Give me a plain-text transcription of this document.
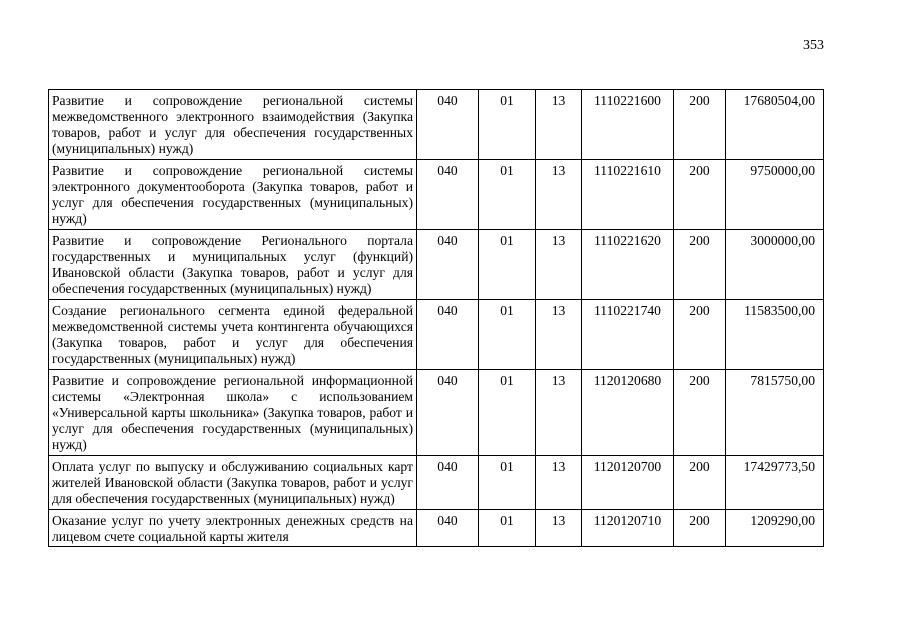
353
Развитие и сопровождение региональной системы межведомственного электронного взаимодействия (Закупка товаров, работ и услуг для обеспечения государственных (муниципальных) нужд)	040	01	13	1110221600	200	17680504,00
Развитие и сопровождение региональной системы электронного документооборота (Закупка товаров, работ и услуг для обеспечения государственных (муниципальных) нужд)	040	01	13	1110221610	200	9750000,00
Развитие и сопровождение Регионального портала государственных и муниципальных услуг (функций) Ивановской области (Закупка товаров, работ и услуг для обеспечения государственных (муниципальных) нужд)	040	01	13	1110221620	200	3000000,00
Создание регионального сегмента единой федеральной межведомственной системы учета контингента обучающихся (Закупка товаров, работ и услуг для обеспечения государственных (муниципальных) нужд)	040	01	13	1110221740	200	11583500,00
Развитие и сопровождение региональной информационной системы «Электронная школа» с использованием «Универсальной карты школьника» (Закупка товаров, работ и услуг для обеспечения государственных (муниципальных) нужд)	040	01	13	1120120680	200	7815750,00
Оплата услуг по выпуску и обслуживанию социальных карт жителей Ивановской области (Закупка товаров, работ и услуг для обеспечения государственных (муниципальных) нужд)	040	01	13	1120120700	200	17429773,50

Оказание услуг по учету электронных денежных средств на лицевом счете социальной карты жителя	040	01	13	1120120710	200	1209290,00
